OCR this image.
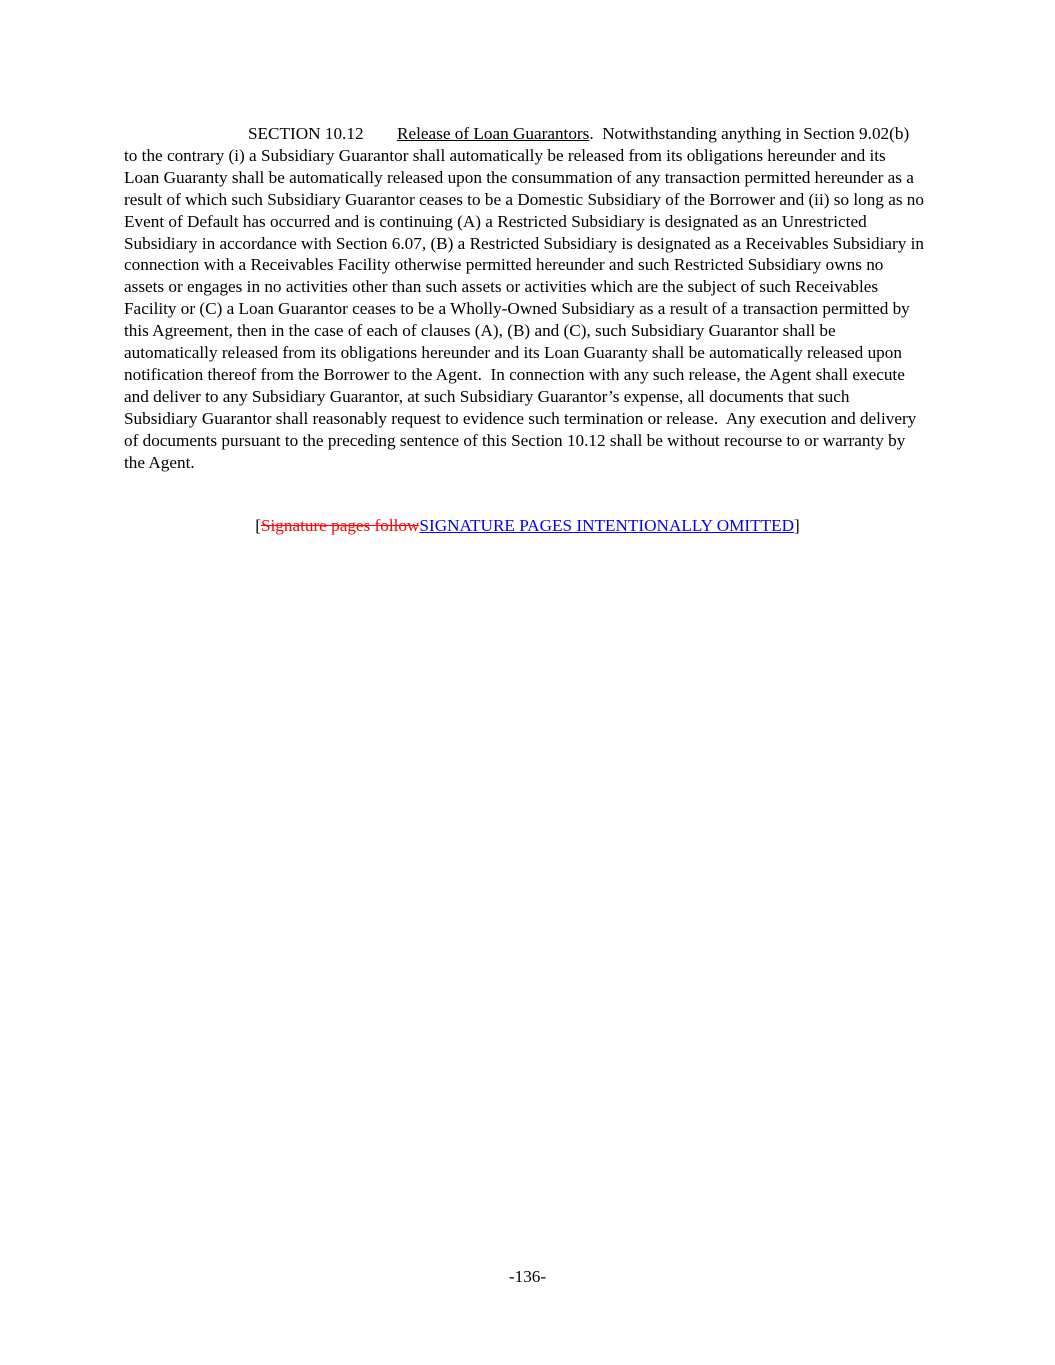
SECTION 10.12 Release of Loan Guarantors.  Notwithstanding anything in Section 9.02(b) to the contrary (i) a Subsidiary Guarantor shall automatically be released from its obligations hereunder and its Loan Guaranty shall be automatically released upon the consummation of any transaction permitted hereunder as a result of which such Subsidiary Guarantor ceases to be a Domestic Subsidiary of the Borrower and (ii) so long as no Event of Default has occurred and is continuing (A) a Restricted Subsidiary is designated as an Unrestricted Subsidiary in accordance with Section 6.07, (B) a Restricted Subsidiary is designated as a Receivables Subsidiary in connection with a Receivables Facility otherwise permitted hereunder and such Restricted Subsidiary owns no assets or engages in no activities other than such assets or activities which are the subject of such Receivables Facility or (C) a Loan Guarantor ceases to be a Wholly-Owned Subsidiary as a result of a transaction permitted by this Agreement, then in the case of each of clauses (A), (B) and (C), such Subsidiary Guarantor shall be automatically released from its obligations hereunder and its Loan Guaranty shall be automatically released upon notification thereof from the Borrower to the Agent.  In connection with any such release, the Agent shall execute and deliver to any Subsidiary Guarantor, at such Subsidiary Guarantor’s expense, all documents that such Subsidiary Guarantor shall reasonably request to evidence such termination or release.  Any execution and delivery of documents pursuant to the preceding sentence of this Section 10.12 shall be without recourse to or warranty by the Agent.

[Signature pages followSIGNATURE PAGES INTENTIONALLY OMITTED]

-136-
